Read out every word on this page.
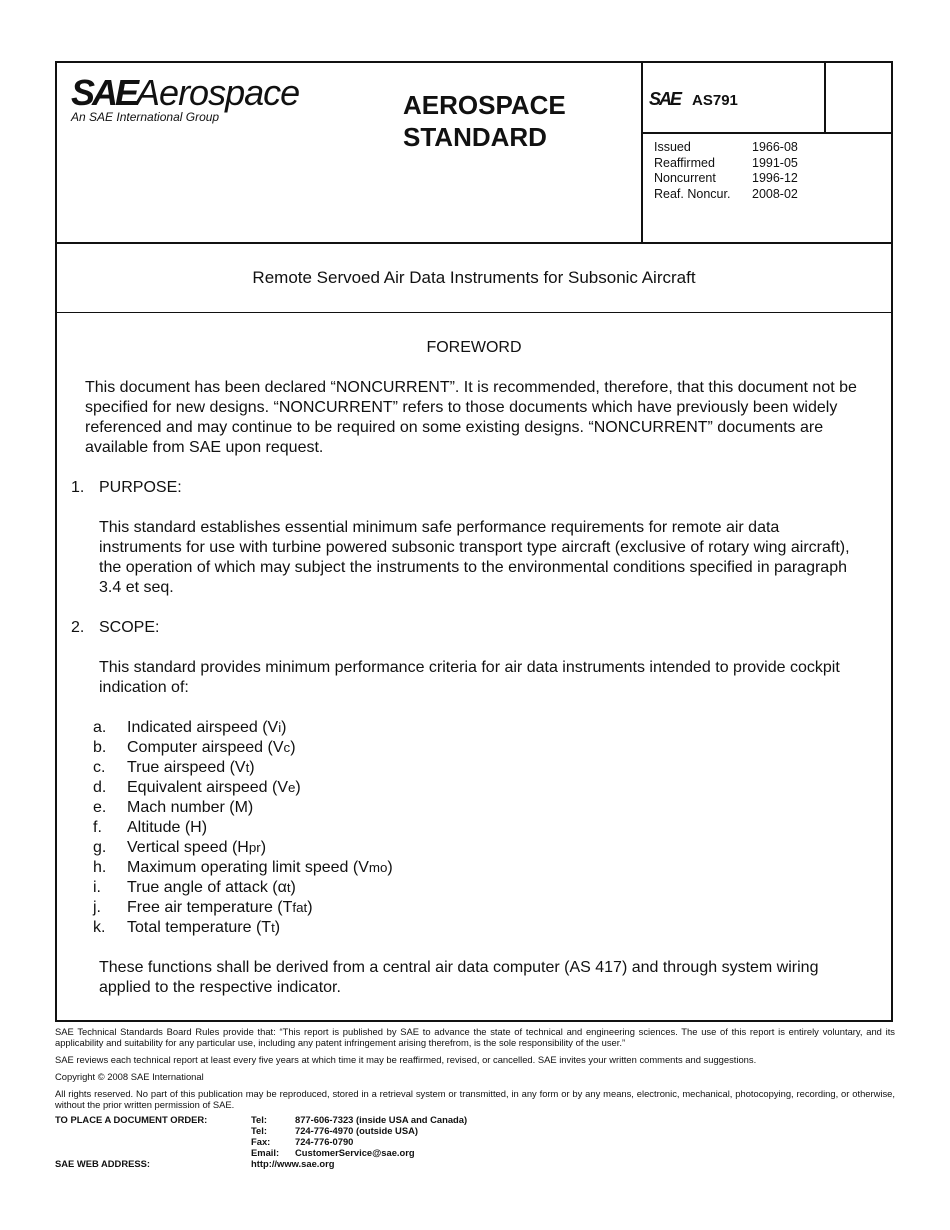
SAEAerospace
An SAE International Group	AEROSPACE
STANDARD
SAE AS791
Issued	1966-08
Reaffirmed	1991-05
Noncurrent	1996-12
Reaf. Noncur.	2008-02
Remote Servoed Air Data Instruments for Subsonic Aircraft
FOREWORD
This document has been declared “NONCURRENT”. It is recommended, therefore, that this document not be specified for new designs. “NONCURRENT” refers to those documents which have previously been widely referenced and may continue to be required on some existing designs. “NONCURRENT” documents are available from SAE upon request.
1. PURPOSE:
This standard establishes essential minimum safe performance requirements for remote air data instruments for use with turbine powered subsonic transport type aircraft (exclusive of rotary wing aircraft), the operation of which may subject the instruments to the environmental conditions specified in paragraph 3.4 et seq.
2. SCOPE:
This standard provides minimum performance criteria for air data instruments intended to provide cockpit indication of:
a.	Indicated airspeed (V i )
b.	Computer airspeed (V c )
c.	True airspeed (V t )
d.	Equivalent airspeed (V e )
e.	Mach number (M)
f.	Altitude (H)
g.	Vertical speed (H pr )
h.	Maximum operating limit speed (V mo )
i.	True angle of attack (α t )
j.	Free air temperature (T fat )
k.	Total temperature (T t )
These functions shall be derived from a central air data computer (AS 417) and through system wiring applied to the respective indicator.

SAE Technical Standards Board Rules provide that: “This report is published by SAE to advance the state of technical and engineering sciences. The use of this report is entirely voluntary, and its applicability and suitability for any particular use, including any patent infringement arising therefrom, is the sole responsibility of the user.”

SAE reviews each technical report at least every five years at which time it may be reaffirmed, revised, or cancelled. SAE invites your written comments and suggestions.

Copyright © 2008 SAE International

All rights reserved. No part of this publication may be reproduced, stored in a retrieval system or transmitted, in any form or by any means, electronic, mechanical, photocopying, recording, or otherwise, without the prior written permission of SAE.

TO PLACE A DOCUMENT ORDER:	Tel:	877-606-7323 (inside USA and Canada)
Tel:	724-776-4970 (outside USA)
Fax:	724-776-0790
Email:	CustomerService@sae.org
SAE WEB ADDRESS:	http://www.sae.org
